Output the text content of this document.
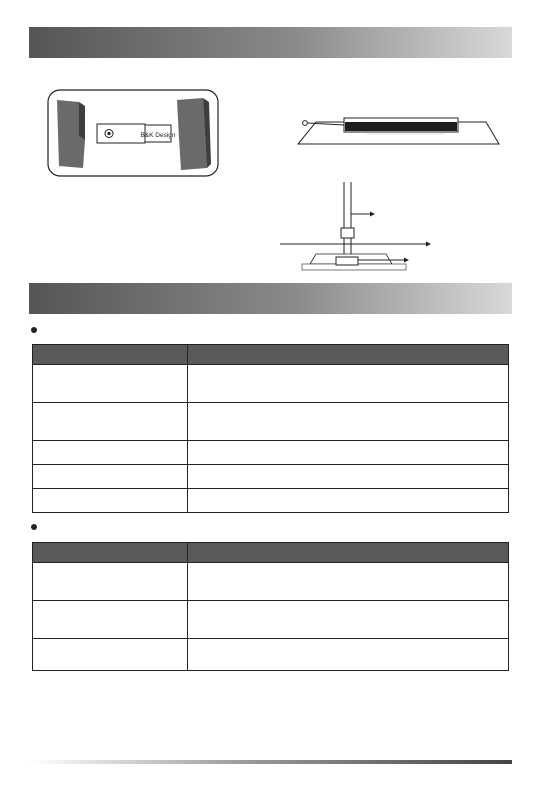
B&K Design
